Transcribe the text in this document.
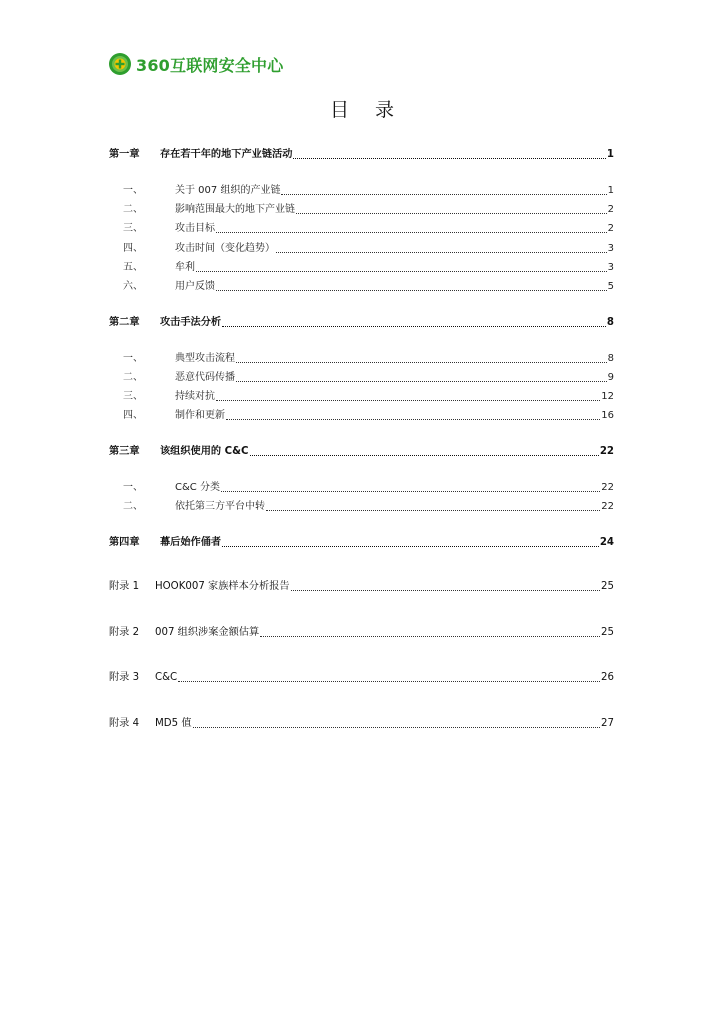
360互联网安全中心
目录
第一章	存在若干年的地下产业链活动	1
一、	关于 007 组织的产业链	1
二、	影响范围最大的地下产业链	2
三、	攻击目标	2
四、	攻击时间（变化趋势）	3
五、	牟利	3
六、	用户反馈	5
第二章	攻击手法分析	8
一、	典型攻击流程	8
二、	恶意代码传播	9
三、	持续对抗	12
四、	制作和更新	16
第三章	该组织使用的 C&C	22
一、	C&C 分类	22
二、	依托第三方平台中转	22
第四章	幕后始作俑者	24
附录 1	HOOK007 家族样本分析报告	25
附录 2	007 组织涉案金额估算	25
附录 3	C&C	26
附录 4	MD5 值	27
